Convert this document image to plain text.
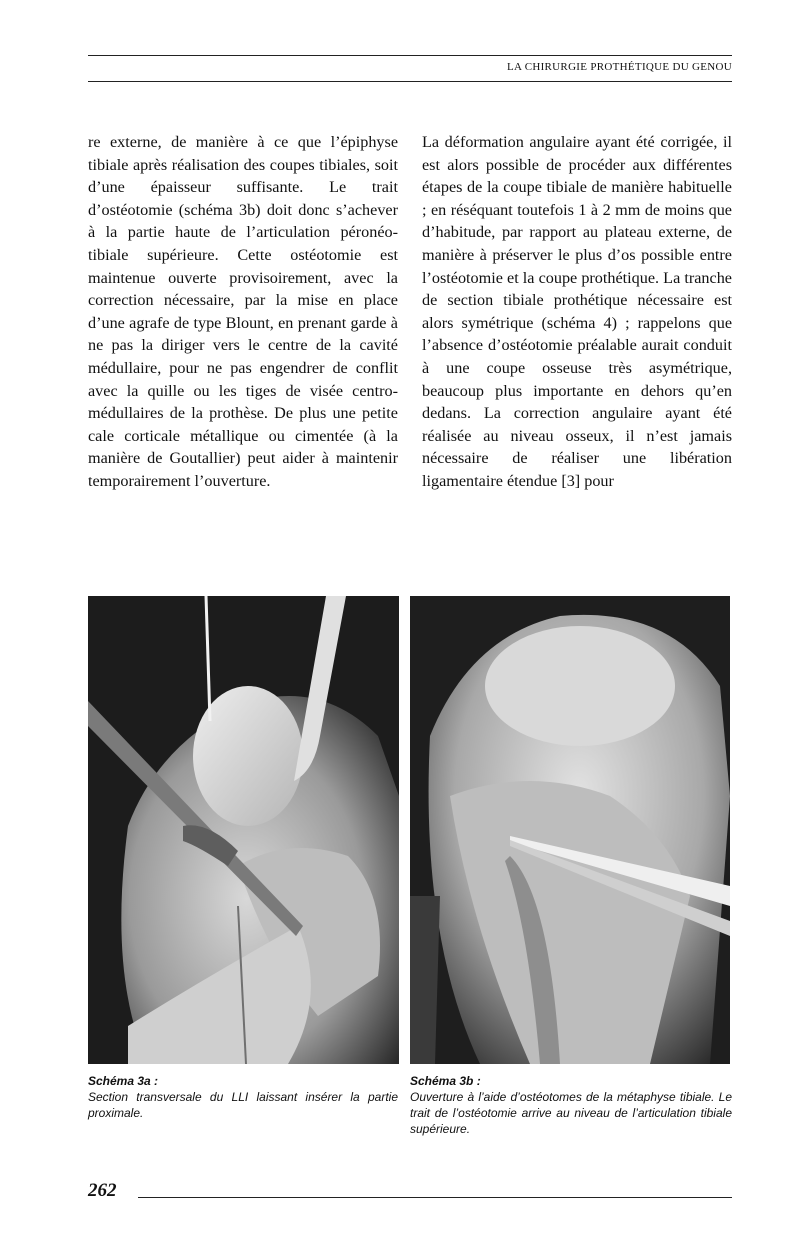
LA CHIRURGIE PROTHÉTIQUE DU GENOU
re externe, de manière à ce que l’épiphyse tibiale après réalisation des coupes tibiales, soit d’une épaisseur suffisante. Le trait d’ostéotomie (schéma 3b) doit donc s’achever à la partie haute de l’articulation péronéo-tibiale supérieure. Cette ostéotomie est maintenue ouverte provisoirement, avec la correction nécessaire, par la mise en place d’une agrafe de type Blount, en prenant garde à ne pas la diriger vers le centre de la cavité médullaire, pour ne pas engendrer de conflit avec la quille ou les tiges de visée centro-médullaires de la prothèse. De plus une petite cale corticale métallique ou cimentée (à la manière de Goutallier) peut aider à maintenir temporairement l’ouverture.
La déformation angulaire ayant été corrigée, il est alors possible de procéder aux différentes étapes de la coupe tibiale de manière habituelle ; en réséquant toutefois 1 à 2 mm de moins que d’habitude, par rapport au plateau externe, de manière à préserver le plus d’os possible entre l’ostéotomie et la coupe prothétique. La tranche de section tibiale prothétique nécessaire est alors symétrique (schéma 4) ; rappelons que l’absence d’ostéotomie préalable aurait conduit à une coupe osseuse très asymétrique, beaucoup plus importante en dehors qu’en dedans. La correction angulaire ayant été réalisée au niveau osseux, il n’est jamais nécessaire de réaliser une libération ligamentaire étendue [3] pour
Schéma 3a :
Section transversale du LLI laissant insérer la partie proximale.
Schéma 3b :
Ouverture à l’aide d’ostéotomes de la métaphyse tibiale. Le trait de l’ostéotomie arrive au niveau de l’articulation tibiale supérieure.
262
